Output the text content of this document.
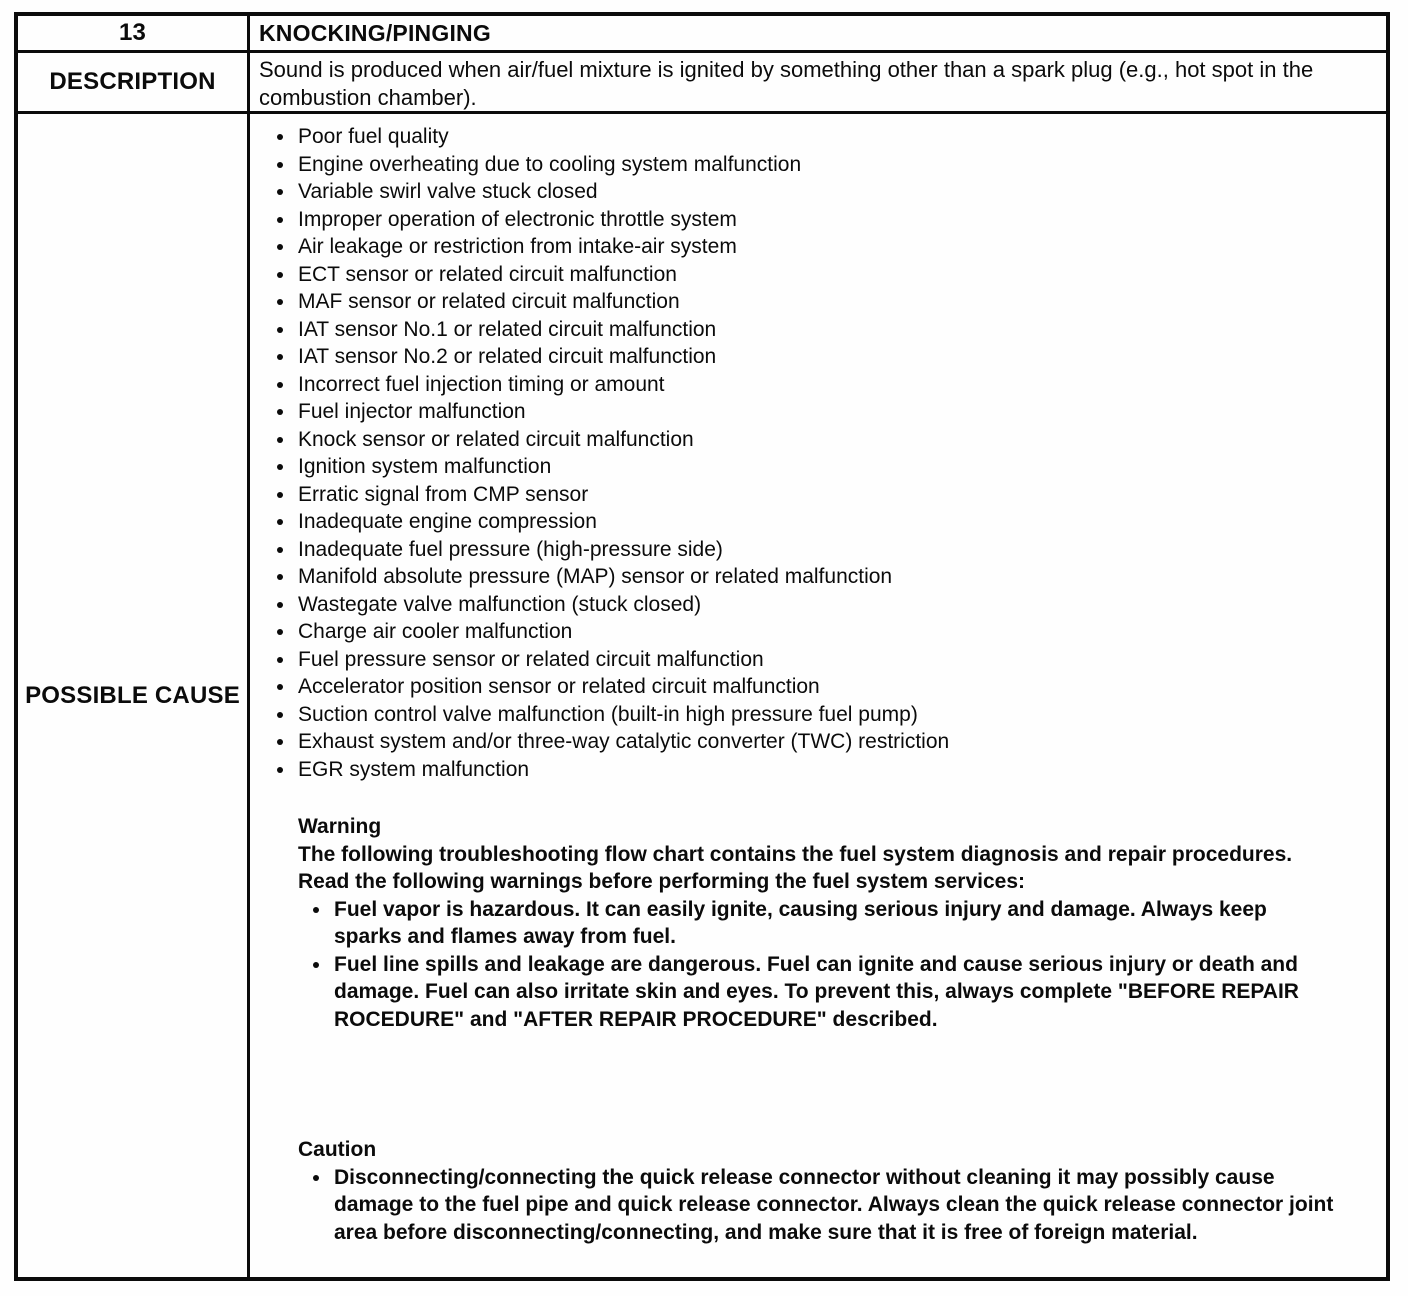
13	KNOCKING/PINGING
DESCRIPTION Sound is produced when air/fuel mixture is ignited by something other than a spark plug (e.g., hot spot in the combustion chamber).

POSSIBLE CAUSE
• Poor fuel quality
• Engine overheating due to cooling system malfunction
• Variable swirl valve stuck closed
• Improper operation of electronic throttle system
• Air leakage or restriction from intake-air system
• ECT sensor or related circuit malfunction
• MAF sensor or related circuit malfunction
• IAT sensor No.1 or related circuit malfunction
• IAT sensor No.2 or related circuit malfunction
• Incorrect fuel injection timing or amount
• Fuel injector malfunction
• Knock sensor or related circuit malfunction
• Ignition system malfunction
• Erratic signal from CMP sensor
• Inadequate engine compression
• Inadequate fuel pressure (high-pressure side)
• Manifold absolute pressure (MAP) sensor or related malfunction
• Wastegate valve malfunction (stuck closed)
• Charge air cooler malfunction
• Fuel pressure sensor or related circuit malfunction
• Accelerator position sensor or related circuit malfunction
• Suction control valve malfunction (built-in high pressure fuel pump)
• Exhaust system and/or three-way catalytic converter (TWC) restriction
• EGR system malfunction

Warning

The following troubleshooting flow chart contains the fuel system diagnosis and repair procedures. Read the following warnings before performing the fuel system services:

• Fuel vapor is hazardous. It can easily ignite, causing serious injury and damage. Always keep sparks and flames away from fuel.
• Fuel line spills and leakage are dangerous. Fuel can ignite and cause serious injury or death and damage. Fuel can also irritate skin and eyes. To prevent this, always complete "BEFORE REPAIR ROCEDURE" and "AFTER REPAIR PROCEDURE" described.

Caution

• Disconnecting/connecting the quick release connector without cleaning it may possibly cause damage to the fuel pipe and quick release connector. Always clean the quick release connector joint area before disconnecting/connecting, and make sure that it is free of foreign material.
